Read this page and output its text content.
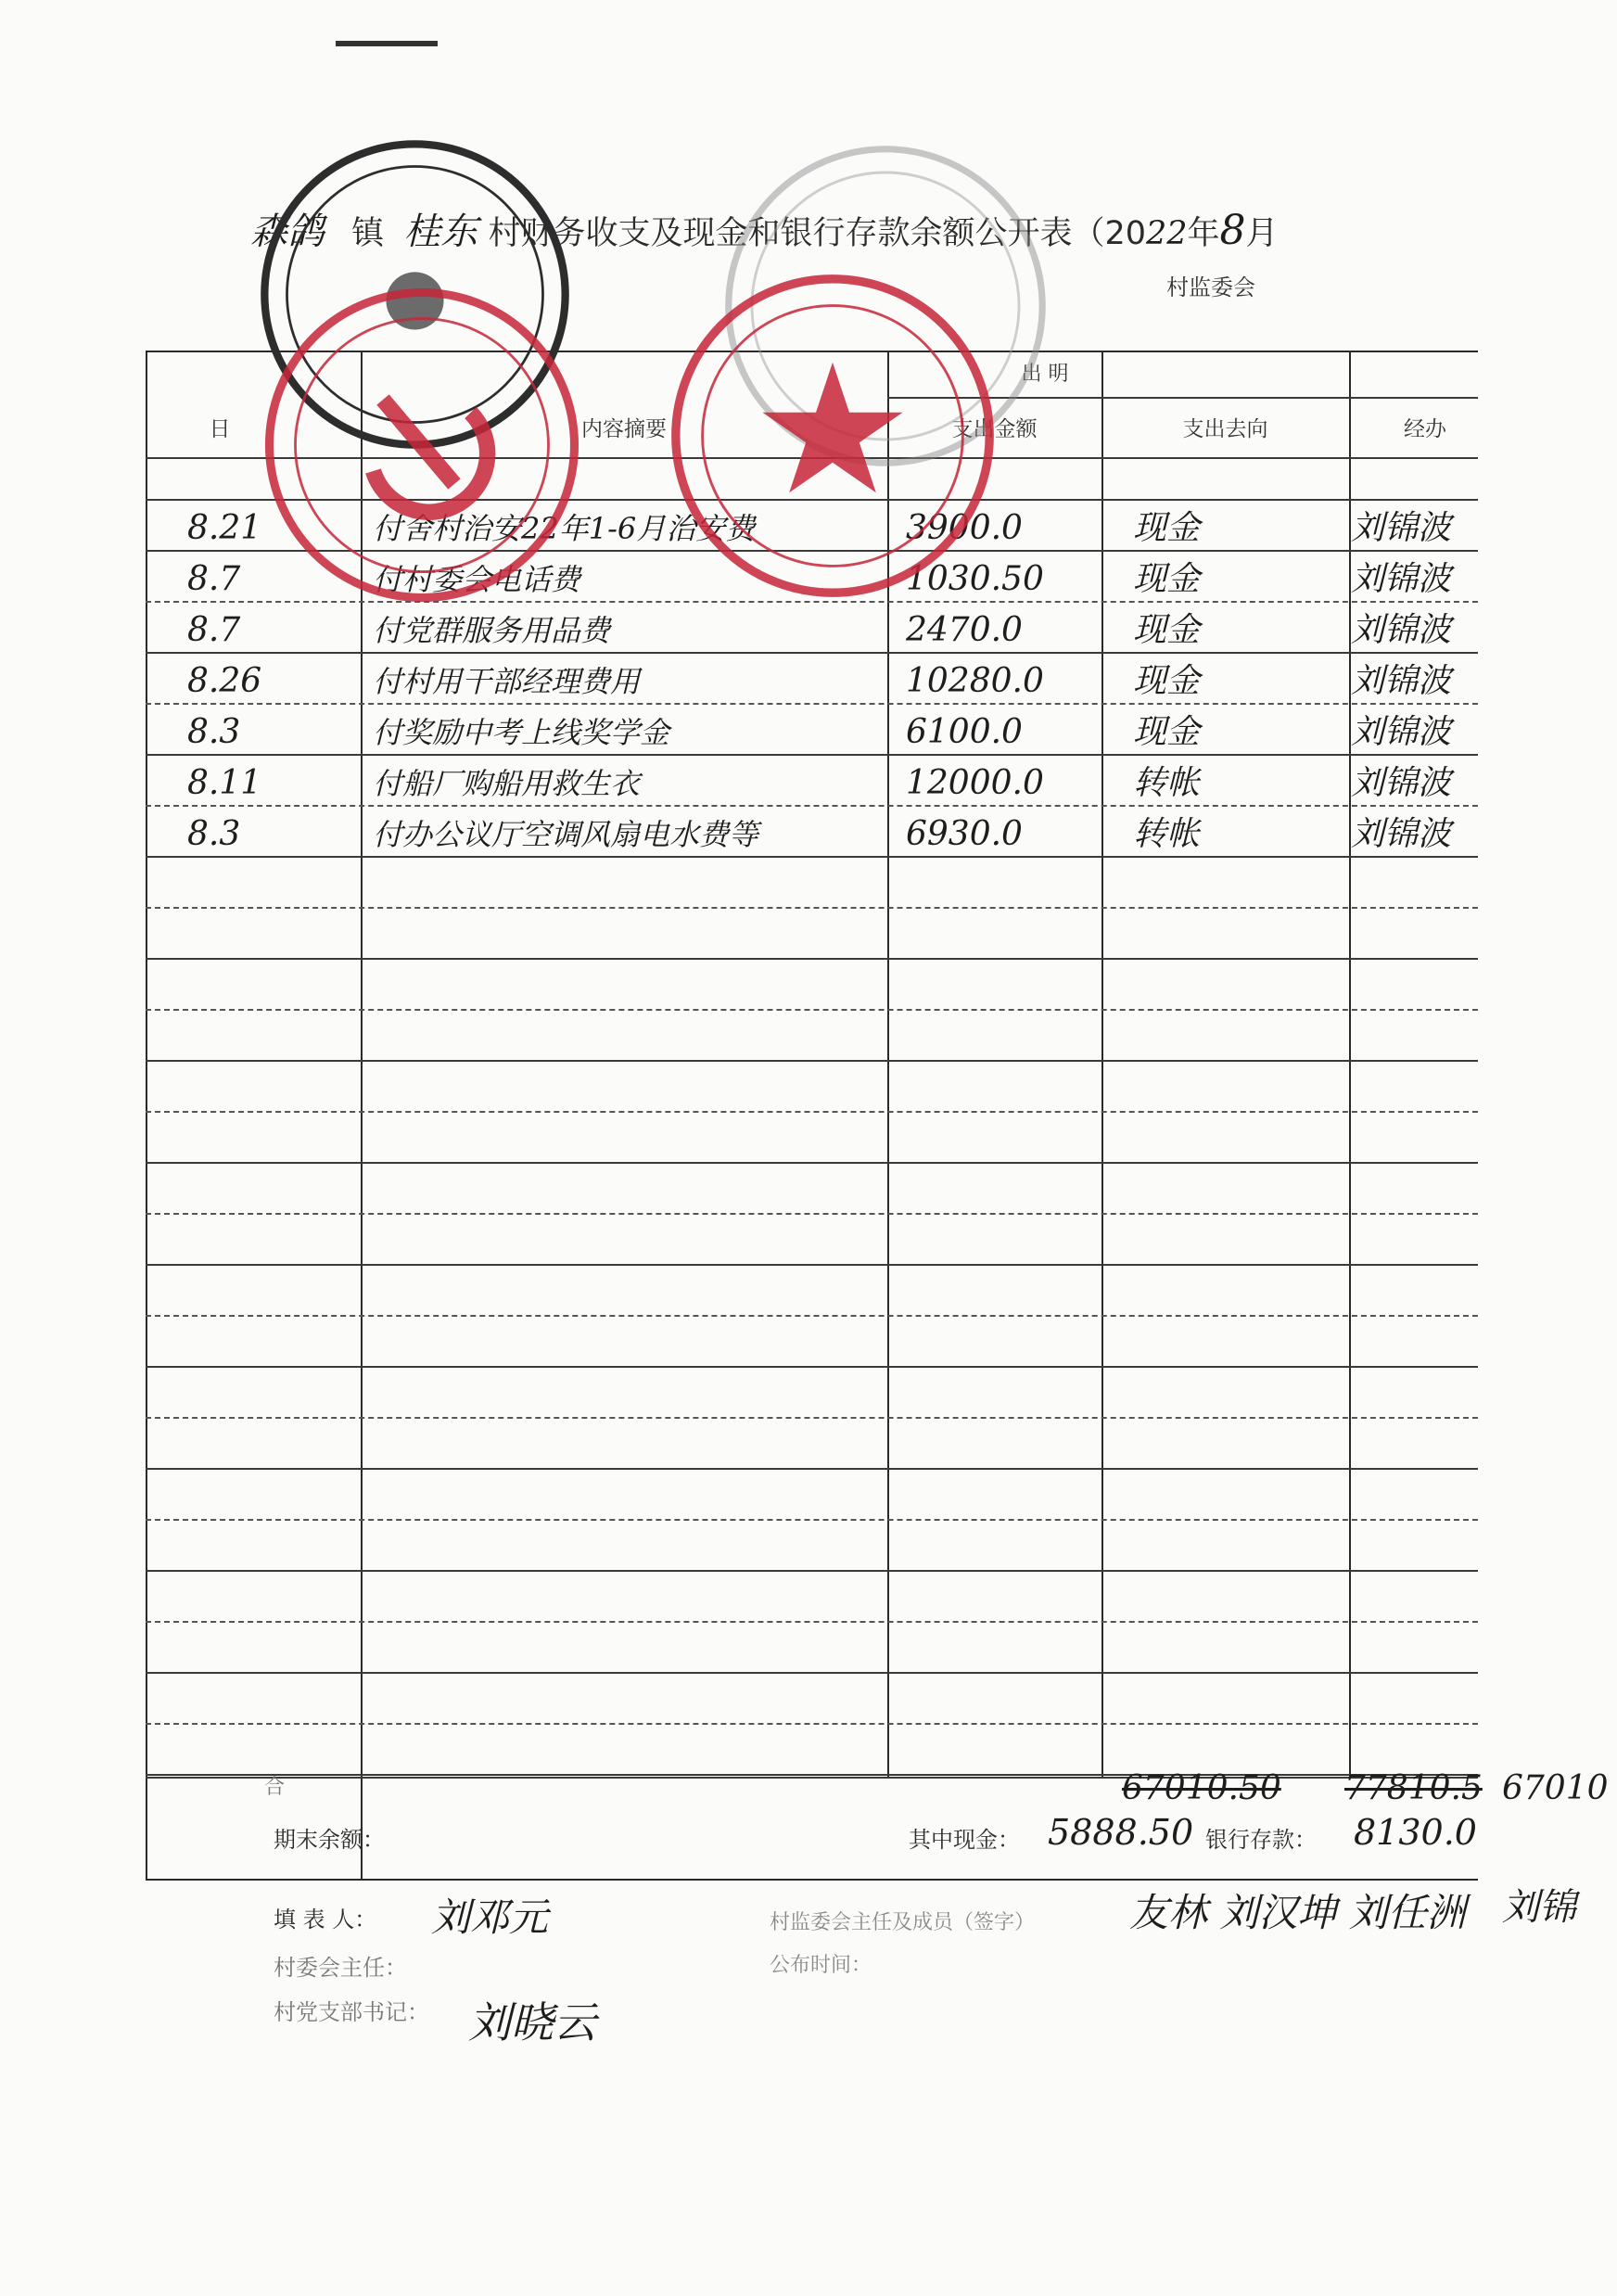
森鸽 镇 桂东 村财务收支及现金和银行存款余额公开表（2022年8月
村监委会
出 明
日	内容摘要	支出金额	支出去向	经办
8.21	付舍村治安22年1-6月治安费	3900.0	现金	刘锦波
8.7	付村委会电话费	1030.50	现金	刘锦波
8.7	付党群服务用品费	2470.0	现金	刘锦波
8.26	付村用干部经理费用	10280.0	现金	刘锦波
8.3	付奖励中考上线奖学金	6100.0	现金	刘锦波
8.11	付船厂购船用救生衣	12000.0	转帐	刘锦波
8.3	付办公议厅空调风扇电水费等	6930.0	转帐	刘锦波
合	67010.50 77810.5 67010
期末余额：	其中现金： 5888.50 银行存款： 8130.0
填 表 人： 刘邓元
村委会主任：
村党支部书记： 刘晓云
村监委会主任及成员（签字） 友林 刘汉坤 刘任洲 刘锦
公布时间：
